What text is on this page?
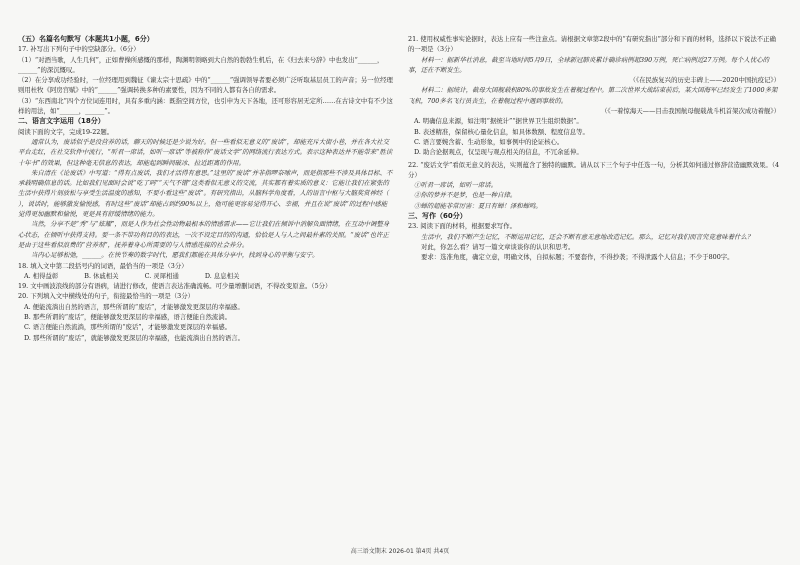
（五）名篇名句默写（本题共1小题，6分）

17. 补写出下列句子中的空缺部分。（6分）

（1）“对酒当歌，人生几何”，正如曹操所感慨的那样，陶渊明领略到大自然的勃勃生机后，在《归去来兮辞》中也发出“______，______”的深沉慨叹。

（2）在分享成功经验时，一位经理用到魏征《谏太宗十思疏》中的“______”强调领导者要必须广泛听取基层员工的声音；另一位经理则用杜牧《阿房宫赋》中的“______”强调转换多种的素要性，因为不同的人都有各自的需求。

（3）“东西南北”四个方位词连用时，具有多重内涵：既指空间方位，也引申为天下各地，还可形容居无定所……在古诗文中有不少这样的用法，如“______，______”。

二、语言文字运用（18分）

阅读下面的文字，完成19-22题。

通常认为，废话似乎是没营养的话，聊天的时候还是少说为好。但一些看似无意义的“废话”，却能充斥大街小巷，并在各大社交平台走红，在社交软件中流行，“听君一席话，如听一席话”等被称作“废话文学”的网络流行表达方式。表示这种表达并不能带来“胜读十年书”的效果，但这种毫无信息的表达，却能起到瞬间破冰、拉近距离的作用。

朱自清在《论废话》中写道：“得有点废话，我们才活得有意思。”这里的“废话”并非指啰奈嗦声，而是指那些不涉及具体目标、不承载明确信息的话。比如我们见面时会说“吃了吗”“天气不错”这类看似无意义的交流，其实都有着实质的意义：它能让我们在紧张的生活中获得片刻放松与享受生活温度的感知，不要小看这些“废话”。有研究指出，从脑科学角度看，人的语言中枢与大脑奖赏神经（ ），说话时，能够激发愉悦感，有时这些“废话”却能占到约90%以上，他可能更容易觉得开心、幸福，并且在说“废话”的过程中感能觉得更加幽默和愉悦，更是具有舒缓情绪的能力。

当然，分享不是“秀”与“炫耀”，而是人作为社会性动物最根本的情感需求——它让我们在倾诉中消解负面情绪，在互动中调整身心状态，在倾听中获得支持。要一条不带功利目的的表达，一次不设定目的的沟通，恰恰是人与人之间最朴素的关照。“废话”也许正是由于这些看似浪费的“营养剂”，抚养着身心所需要的与人情感连接的社会养分。

当内心足够松弛，______。在快节奏的数字时代，愿我们都能在具体分享中，找到身心的平衡与安宁。

18. 填入文中第二段括号内的词语，最恰当的一项是（3分）

A. 相得益彰	B. 休戚相关	C. 灵犀相通	D. 息息相关

19. 文中画波浪线的部分有语病，请进行修改，使语言表达准确流畅。可少量增删词语，不得改变原意。（5分）

20. 下列填入文中横线处的句子，衔接最恰当的一项是（3分）

A. 便能流淌出自然的语言，那些所谓的“废话”，才能够激发更深层的幸福感。

B. 那些所谓的“废话”，便能够激发更深层的幸福感，语言便能自然流淌。

C. 语言便能自然流淌，那些所谓的“废话”，才能够激发更深层的幸福感。

D. 那些所谓的“废话”，就能够激发更深层的幸福感，也能流淌出自然的语言。

21. 使用权威性事实论据时，表达上应有一些注意点。请根据文章第2段中的“有研究指出”部分和下面的材料，选择以下说法不正确的一项是（3分）

材料一：据新华社消息，截至当地时间5月9日，全球新冠肺炎累计确诊病例超390万例，死亡病例近27万例。每个人忧心的事，还在不断发生。

（《在民族复兴的历史丰碑上——2020中国抗疫记》）

材料二：据统计，截母大国舰载机80%的事故发生在着舰过程中。第二次世界大战结束前后，某大国海军已经发生了1000多架飞机，700多名飞行员丧生，在着舰过程中遇到事故的。

（《一着惊海天——目击我国航母舰载战斗机首架次成功着舰》）

A. 明确信息来源，如注明“据统计”“据世界卫生组织数据”。

B. 表述精准，保留核心量化信息，如具体数额、程度信息等。

C. 语言要婉含蓄、生动形象，如事例中的论证核心。

D. 助合论据观点，仅呈现与观点相关的信息，不冗余延伸。

22. “废话文学”看似无意义的表达，实则蕴含了独特的幽默。请从以下三个句子中任选一句，分析其如何通过修辞营造幽默效果。（4分）

①听君一席话，如听一席话。

②你的梦并不是梦，也是一种自律。

③蝉的超能非常厉害：夏日有蝉！泽和蝉鸣。

三、写作（60分）

23. 阅读下面的材料，根据要求写作。

生活中，我们不断产生记忆，不断运用记忆，还会不断有意无意地改造记忆。那么，记忆对我们而言究竟意味着什么？

对此，你怎么看？请写一篇文章谈谈你的认识和思考。

要求：选准角度，确定立意，明确文体，自拟标题；不要套作，不得抄袭；不得泄露个人信息；不少于800字。

高三语文期末 2026-01 第4页 共4页
